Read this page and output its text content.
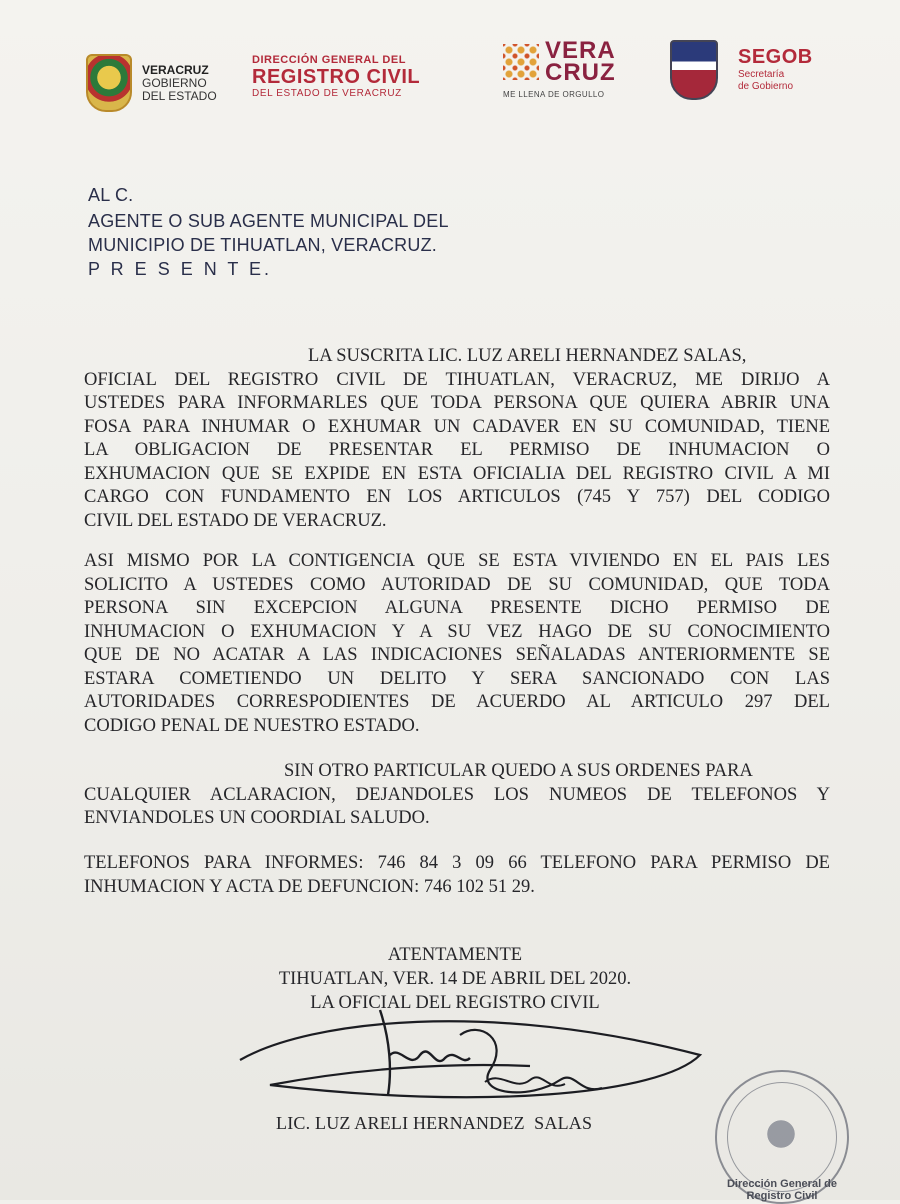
VERACRUZ
GOBIERNO
DEL ESTADO
DIRECCIÓN GENERAL DEL
REGISTRO CIVIL
DEL ESTADO DE VERACRUZ
VERA
CRUZ
ME LLENA DE ORGULLO
SEGOB
Secretaría
de Gobierno
AL C.
AGENTE O SUB AGENTE MUNICIPAL DEL
MUNICIPIO DE TIHUATLAN, VERACRUZ.
P R E S E N T E.
LA SUSCRITA LIC. LUZ ARELI HERNANDEZ SALAS,
OFICIAL DEL REGISTRO CIVIL DE TIHUATLAN, VERACRUZ, ME DIRIJO A
USTEDES PARA INFORMARLES QUE TODA PERSONA QUE QUIERA ABRIR UNA
FOSA PARA INHUMAR O EXHUMAR UN CADAVER EN SU COMUNIDAD, TIENE
LA OBLIGACION DE PRESENTAR EL PERMISO DE INHUMACION O
EXHUMACION QUE SE EXPIDE EN ESTA OFICIALIA DEL REGISTRO CIVIL A MI
CARGO CON FUNDAMENTO EN LOS ARTICULOS (745 Y 757) DEL CODIGO
CIVIL DEL ESTADO DE VERACRUZ.
ASI MISMO POR LA CONTIGENCIA QUE SE ESTA VIVIENDO EN EL PAIS LES
SOLICITO A USTEDES COMO AUTORIDAD DE SU COMUNIDAD, QUE TODA
PERSONA SIN EXCEPCION ALGUNA PRESENTE DICHO PERMISO DE
INHUMACION O EXHUMACION Y A SU VEZ HAGO DE SU CONOCIMIENTO
QUE DE NO ACATAR A LAS INDICACIONES SEÑALADAS ANTERIORMENTE SE
ESTARA COMETIENDO UN DELITO Y SERA SANCIONADO CON LAS
AUTORIDADES CORRESPODIENTES DE ACUERDO AL ARTICULO 297 DEL
CODIGO PENAL DE NUESTRO ESTADO.
SIN OTRO PARTICULAR QUEDO A SUS ORDENES PARA
CUALQUIER ACLARACION, DEJANDOLES LOS NUMEOS DE TELEFONOS Y
ENVIANDOLES UN COORDIAL SALUDO.
TELEFONOS PARA INFORMES: 746 84 3 09 66 TELEFONO PARA PERMISO DE
INHUMACION Y ACTA DE DEFUNCION: 746 102 51 29.
ATENTAMENTE
TIHUATLAN, VER. 14 DE ABRIL DEL 2020.
LA OFICIAL DEL REGISTRO CIVIL
LIC. LUZ ARELI HERNANDEZ  SALAS
Dirección General de
Registro Civil
